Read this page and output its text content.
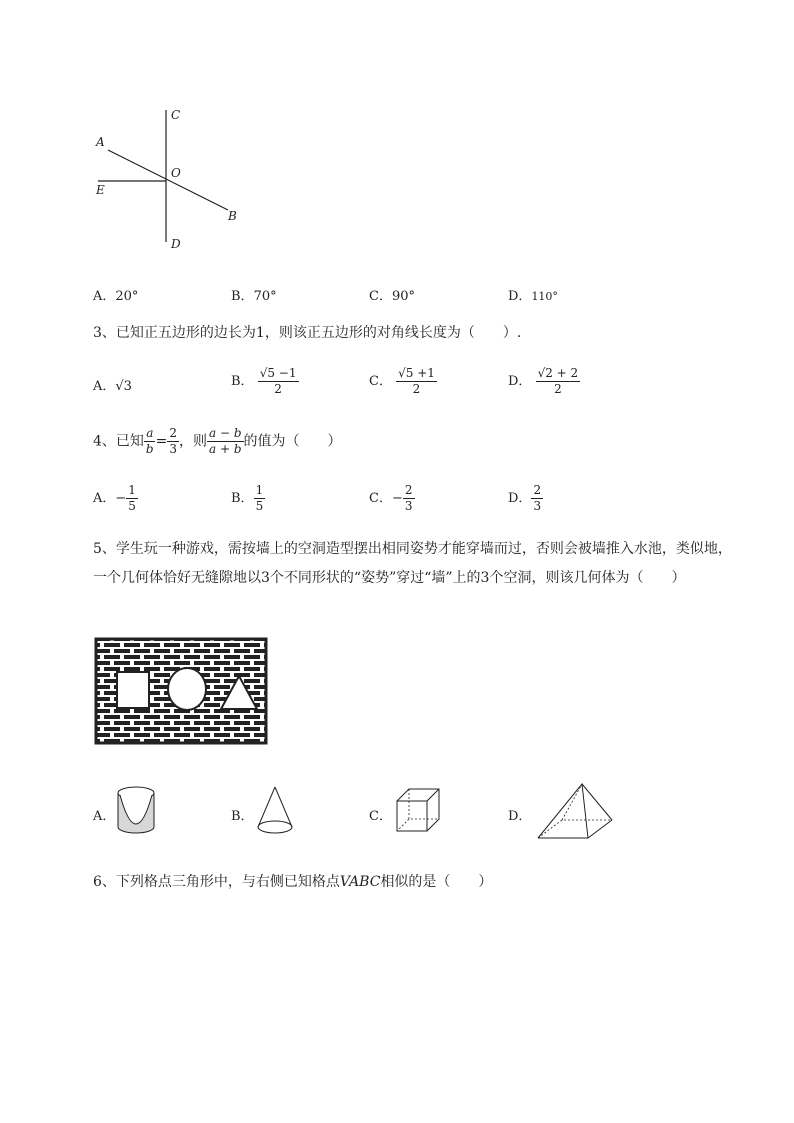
C
A
O
E
B
D
A．20°	B．70°	C．90°	D．110°
3、已知正五边形的边长为1，则该正五边形的对角线长度为（　　）.
A．√3	B． $\frac{√5 -1}{2}$	C． $\frac{√5 +1}{2}$	D． $\frac{√2 + 2}{2}$
4、已知 $\frac{a}{b} = \frac{2}{3}$ ，则 $\frac{a - b}{a + b}$ 的值为（　　）
A．− $\frac{1}{5}$	B． $\frac{1}{5}$	C．− $\frac{2}{3}$	D． $\frac{2}{3}$
5、学生玩一种游戏，需按墙上的空洞造型摆出相同姿势才能穿墙而过，否则会被墙推入水池，类似地，一个几何体恰好无缝隙地以3个不同形状的“姿势”穿过“墙”上的3个空洞，则该几何体为（　　）
A．	B．	C．	D．
6、下列格点三角形中，与右侧已知格点VABC相似的是（　　）
